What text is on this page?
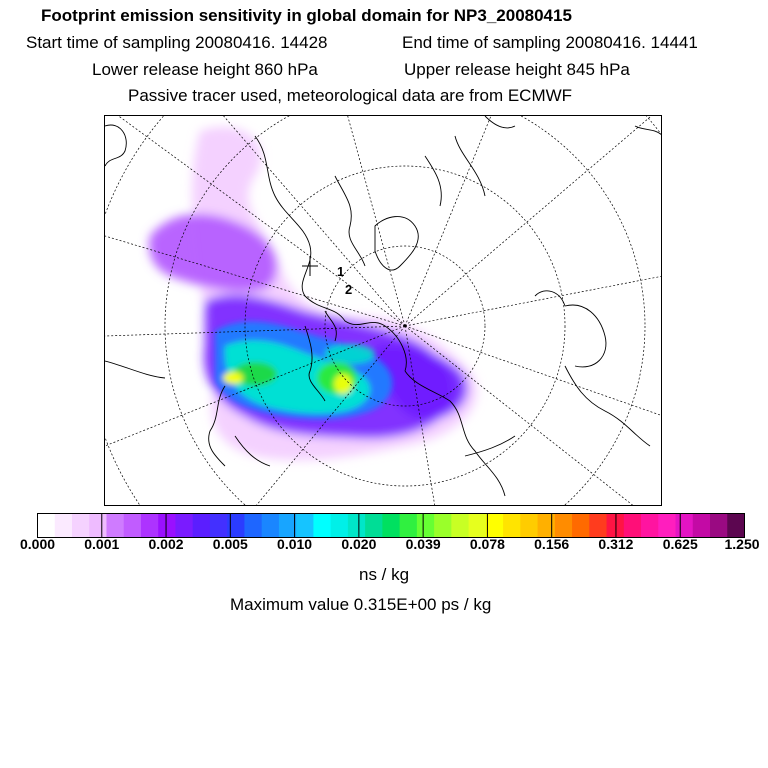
Footprint emission sensitivity in global domain for NP3_20080415
Start time of sampling 20080416. 14428	End time of sampling 20080416. 14441
Lower release height 860 hPa	Upper release height 845 hPa
Passive tracer used, meteorological data are from ECMWF
1
2
0.000 0.001 0.002 0.005 0.010 0.020 0.039 0.078 0.156 0.312 0.625 1.250
ns / kg
Maximum value 0.315E+00 ps / kg
